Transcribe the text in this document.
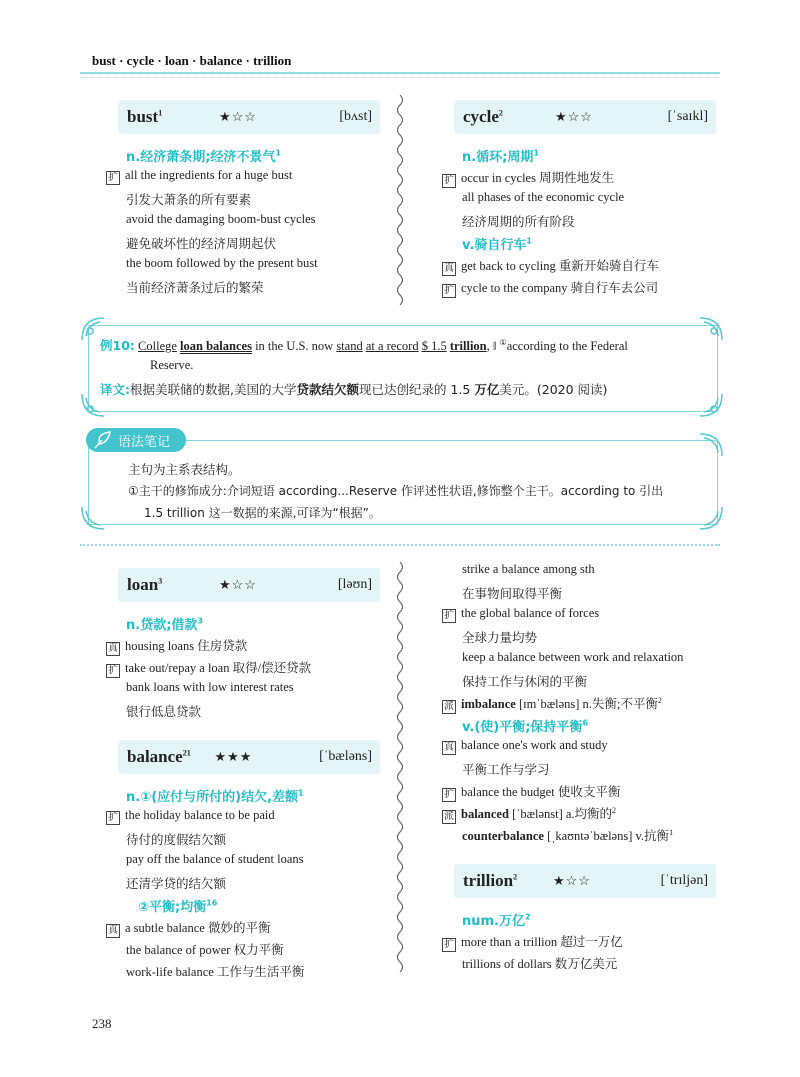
bust · cycle · loan · balance · trillion
bust$^1$	★☆☆	[bʌst]
n.经济萧条期;经济不景气$^1$
扩 all the ingredients for a huge bust
引发大萧条的所有要素
avoid the damaging boom-bust cycles
避免破坏性的经济周期起伏
the boom followed by the present bust
当前经济萧条过后的繁荣
cycle$^2$	★☆☆	[ˈsaɪkl]
n.循环;周期$^1$
扩 occur in cycles 周期性地发生
all phases of the economic cycle
经济周期的所有阶段
v.骑自行车$^1$
真 get back to cycling 重新开始骑自行车
扩 cycle to the company 骑自行车去公司
例10: College loan balances in the U.S. now stand at a record $ 1.5 trillion, ‖ ①according to the Federal
Reserve.
译文:根据美联储的数据,美国的大学贷款结欠额现已达创纪录的 1.5 万亿美元。(2020 阅读)
语法笔记
主句为主系表结构。
①主干的修饰成分:介词短语 according...Reserve 作评述性状语,修饰整个主干。according to 引出
1.5 trillion 这一数据的来源,可译为“根据”。
loan$^3$	★☆☆	[ləʊn]
n.贷款;借款$^3$
真 housing loans 住房贷款
扩 take out/repay a loan 取得/偿还贷款
bank loans with low interest rates
银行低息贷款
balance$^{21}$	★★★	[ˈbæləns]
n.①(应付与所付的)结欠,差额$^1$
扩 the holiday balance to be paid
待付的度假结欠额
pay off the balance of student loans
还清学贷的结欠额
②平衡;均衡$^{16}$
真 a subtle balance 微妙的平衡
the balance of power 权力平衡
work-life balance 工作与生活平衡
strike a balance among sth
在事物间取得平衡
扩 the global balance of forces
全球力量均势
keep a balance between work and relaxation
保持工作与休闲的平衡
派 imbalance [ɪmˈbæləns] n.失衡;不平衡$^2$
v.(使)平衡;保持平衡$^6$
真 balance one's work and study
平衡工作与学习
扩 balance the budget 使收支平衡
派 balanced [ˈbælənst] a.均衡的$^2$
counterbalance [ˌkaʊntəˈbæləns] v.抗衡$^1$
trillion$^2$	★☆☆	[ˈtrɪljən]
num.万亿$^2$
扩 more than a trillion 超过一万亿
trillions of dollars 数万亿美元
238
